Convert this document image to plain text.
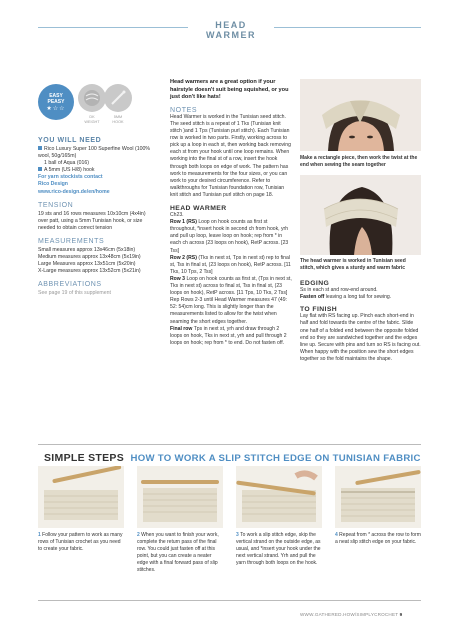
HEAD WARMER
EASY
PEASY
★☆☆
DK
WEIGHT
5MM
HOOK
YOU WILL NEED
Rico Luxury Super 100 Superfine Wool (100% wool, 50g/165m)
1 ball of Aqua (016)
A 5mm (US H/8) hook
For yarn stockists contact
Rico Design
www.rico-design.de/en/home
TENSION
19 sts and 16 rows measures 10x10cm (4x4in) over patt, using a 5mm Tunisian hook, or size needed to obtain correct tension
MEASUREMENTS
Small measures approx 13x46cm (5x18in)
Medium measures approx 13x48cm (5x19in)
Large Measures approx 13x51cm (5x20in)
X-Large measures approx 13x52cm (5x21in)
ABBREVIATIONS
See page 19 of this supplement
Head warmers are a great option if your hairstyle doesn't suit being squished, or you just don't like hats!
NOTES
Head Warmer is worked in the Tunisian seed stitch. The seed stitch is a repeat of 1 Tks (Tunisian knit stitch )and 1 Tps (Tunisian purl stitch). Each Tunisian row is worked in two parts. Firstly, working across to pick up a loop in each st, then working back removing each st from your hook until one loop remains. When working into the final st of a row, insert the hook through both loops on edge of work. The pattern has work to measurements for the four sizes, or you can work to your desired circumference. Refer to walkthroughs for Tunisian foundation row, Tunisian knit stitch and Tunisian purl stitch on page 18.
HEAD WARMER
Ch23.
Row 1 (RS) Loop on hook counts as first st throughout, *insert hook in second ch from hook, yrh and pull up loop, leave loop on hook; rep from * in each ch across (23 loops on hook), RetP across. [23 Tss]
Row 2 (RS) (Tks in next st, Tps in next st) rep to final st, Tss in final st, (23 loops on hook), RetP across. [11 Tks, 10 Tps, 2 Tss]
Row 3 Loop on hook counts as first st, (Tps in next st, Tks in next st) across to final st, Tss in final st, (23 loops on hook), RetP across. [11 Tps, 10 Tks, 2 Tss]
Rep Rows 2-3 until Head Warmer measures 47 (49: 52: 54)cm long. This is slightly longer than the measurements listed to allow for the twist when seaming the short edges together.
Final row Tps in next st, yrh and draw through 2 loops on hook, Tks in next st, yrh and pull through 2 loops on hook; rep from * to end. Do not fasten off.
Make a rectangle piece, then work the twist at the end when sewing the seam together
The head warmer is worked in Tunisian seed stitch, which gives a sturdy and warm fabric
EDGING
Ss in each st and row-end around.
Fasten off leaving a long tail for sewing.
TO FINISH
Lay flat with RS facing up. Pinch each short-end in half and fold towards the centre of the fabric. Slide one half of a folded end between the opposite folded end so they are sandwiched together and the edges line up. Secure with pins and turn so RS is facing out. When happy with the position sew the short edges together so the fold maintains the shape.
SIMPLE STEPS HOW TO WORK A SLIP STITCH EDGE ON TUNISIAN FABRIC
1 Follow your pattern to work as many rows of Tunisian crochet as you need to create your fabric.
2 When you want to finish your work, complete the return pass of the final row. You could just fasten off at this point, but you can create a neater edge with a final forward pass of slip stitches.
3 To work a slip stitch edge, skip the vertical strand on the outside edge, as usual, and *insert your hook under the next vertical strand. Yrh and pull the yarn through both loops on the hook.
4 Repeat from * across the row to form a neat slip stitch edge on your fabric.
WWW.GATHERED.HOW/SIMPLYCROCHET 9
